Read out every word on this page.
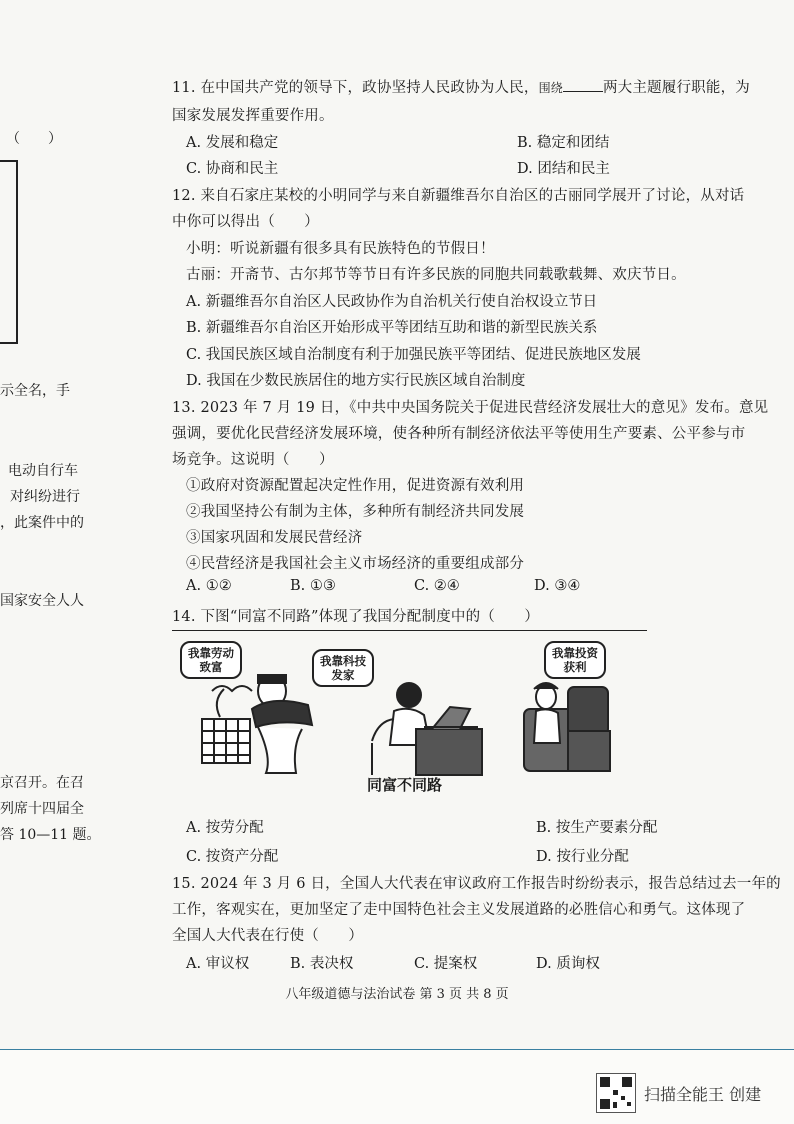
（　　）
示全名，手
电动自行车
对纠纷进行
，此案件中的
国家安全人人
京召开。在召
列席十四届全
答 10—11 题。
11. 在中国共产党的领导下，政协坚持人民政协为人民，围绕	两大主题履行职能，为
国家发展发挥重要作用。
A. 发展和稳定	B. 稳定和团结
C. 协商和民主	D. 团结和民主
12. 来自石家庄某校的小明同学与来自新疆维吾尔自治区的古丽同学展开了讨论，从对话
中你可以得出（　　）
小明：听说新疆有很多具有民族特色的节假日！
古丽：开斋节、古尔邦节等节日有许多民族的同胞共同载歌载舞、欢庆节日。
A. 新疆维吾尔自治区人民政协作为自治机关行使自治权设立节日
B. 新疆维吾尔自治区开始形成平等团结互助和谐的新型民族关系
C. 我国民族区域自治制度有利于加强民族平等团结、促进民族地区发展
D. 我国在少数民族居住的地方实行民族区域自治制度
13. 2023 年 7 月 19 日，《中共中央国务院关于促进民营经济发展壮大的意见》发布。意见
强调，要优化民营经济发展环境，使各种所有制经济依法平等使用生产要素、公平参与市
场竞争。这说明（　　）
①政府对资源配置起决定性作用，促进资源有效利用
②我国坚持公有制为主体，多种所有制经济共同发展
③国家巩固和发展民营经济
④民营经济是我国社会主义市场经济的重要组成部分
A. ①②	B. ①③	C. ②④	D. ③④
14. 下图“同富不同路”体现了我国分配制度中的（　　）
我靠劳动
致富	我靠科技
发家
我靠投资
获利
同富不同路
A. 按劳分配	B. 按生产要素分配
C. 按资产分配	D. 按行业分配
15. 2024 年 3 月 6 日，全国人大代表在审议政府工作报告时纷纷表示，报告总结过去一年的
工作，客观实在，更加坚定了走中国特色社会主义发展道路的必胜信心和勇气。这体现了
全国人大代表在行使（　　）
A. 审议权	B. 表决权	C. 提案权	D. 质询权
八年级道德与法治试卷 第 3 页 共 8 页
扫描全能王 创建
